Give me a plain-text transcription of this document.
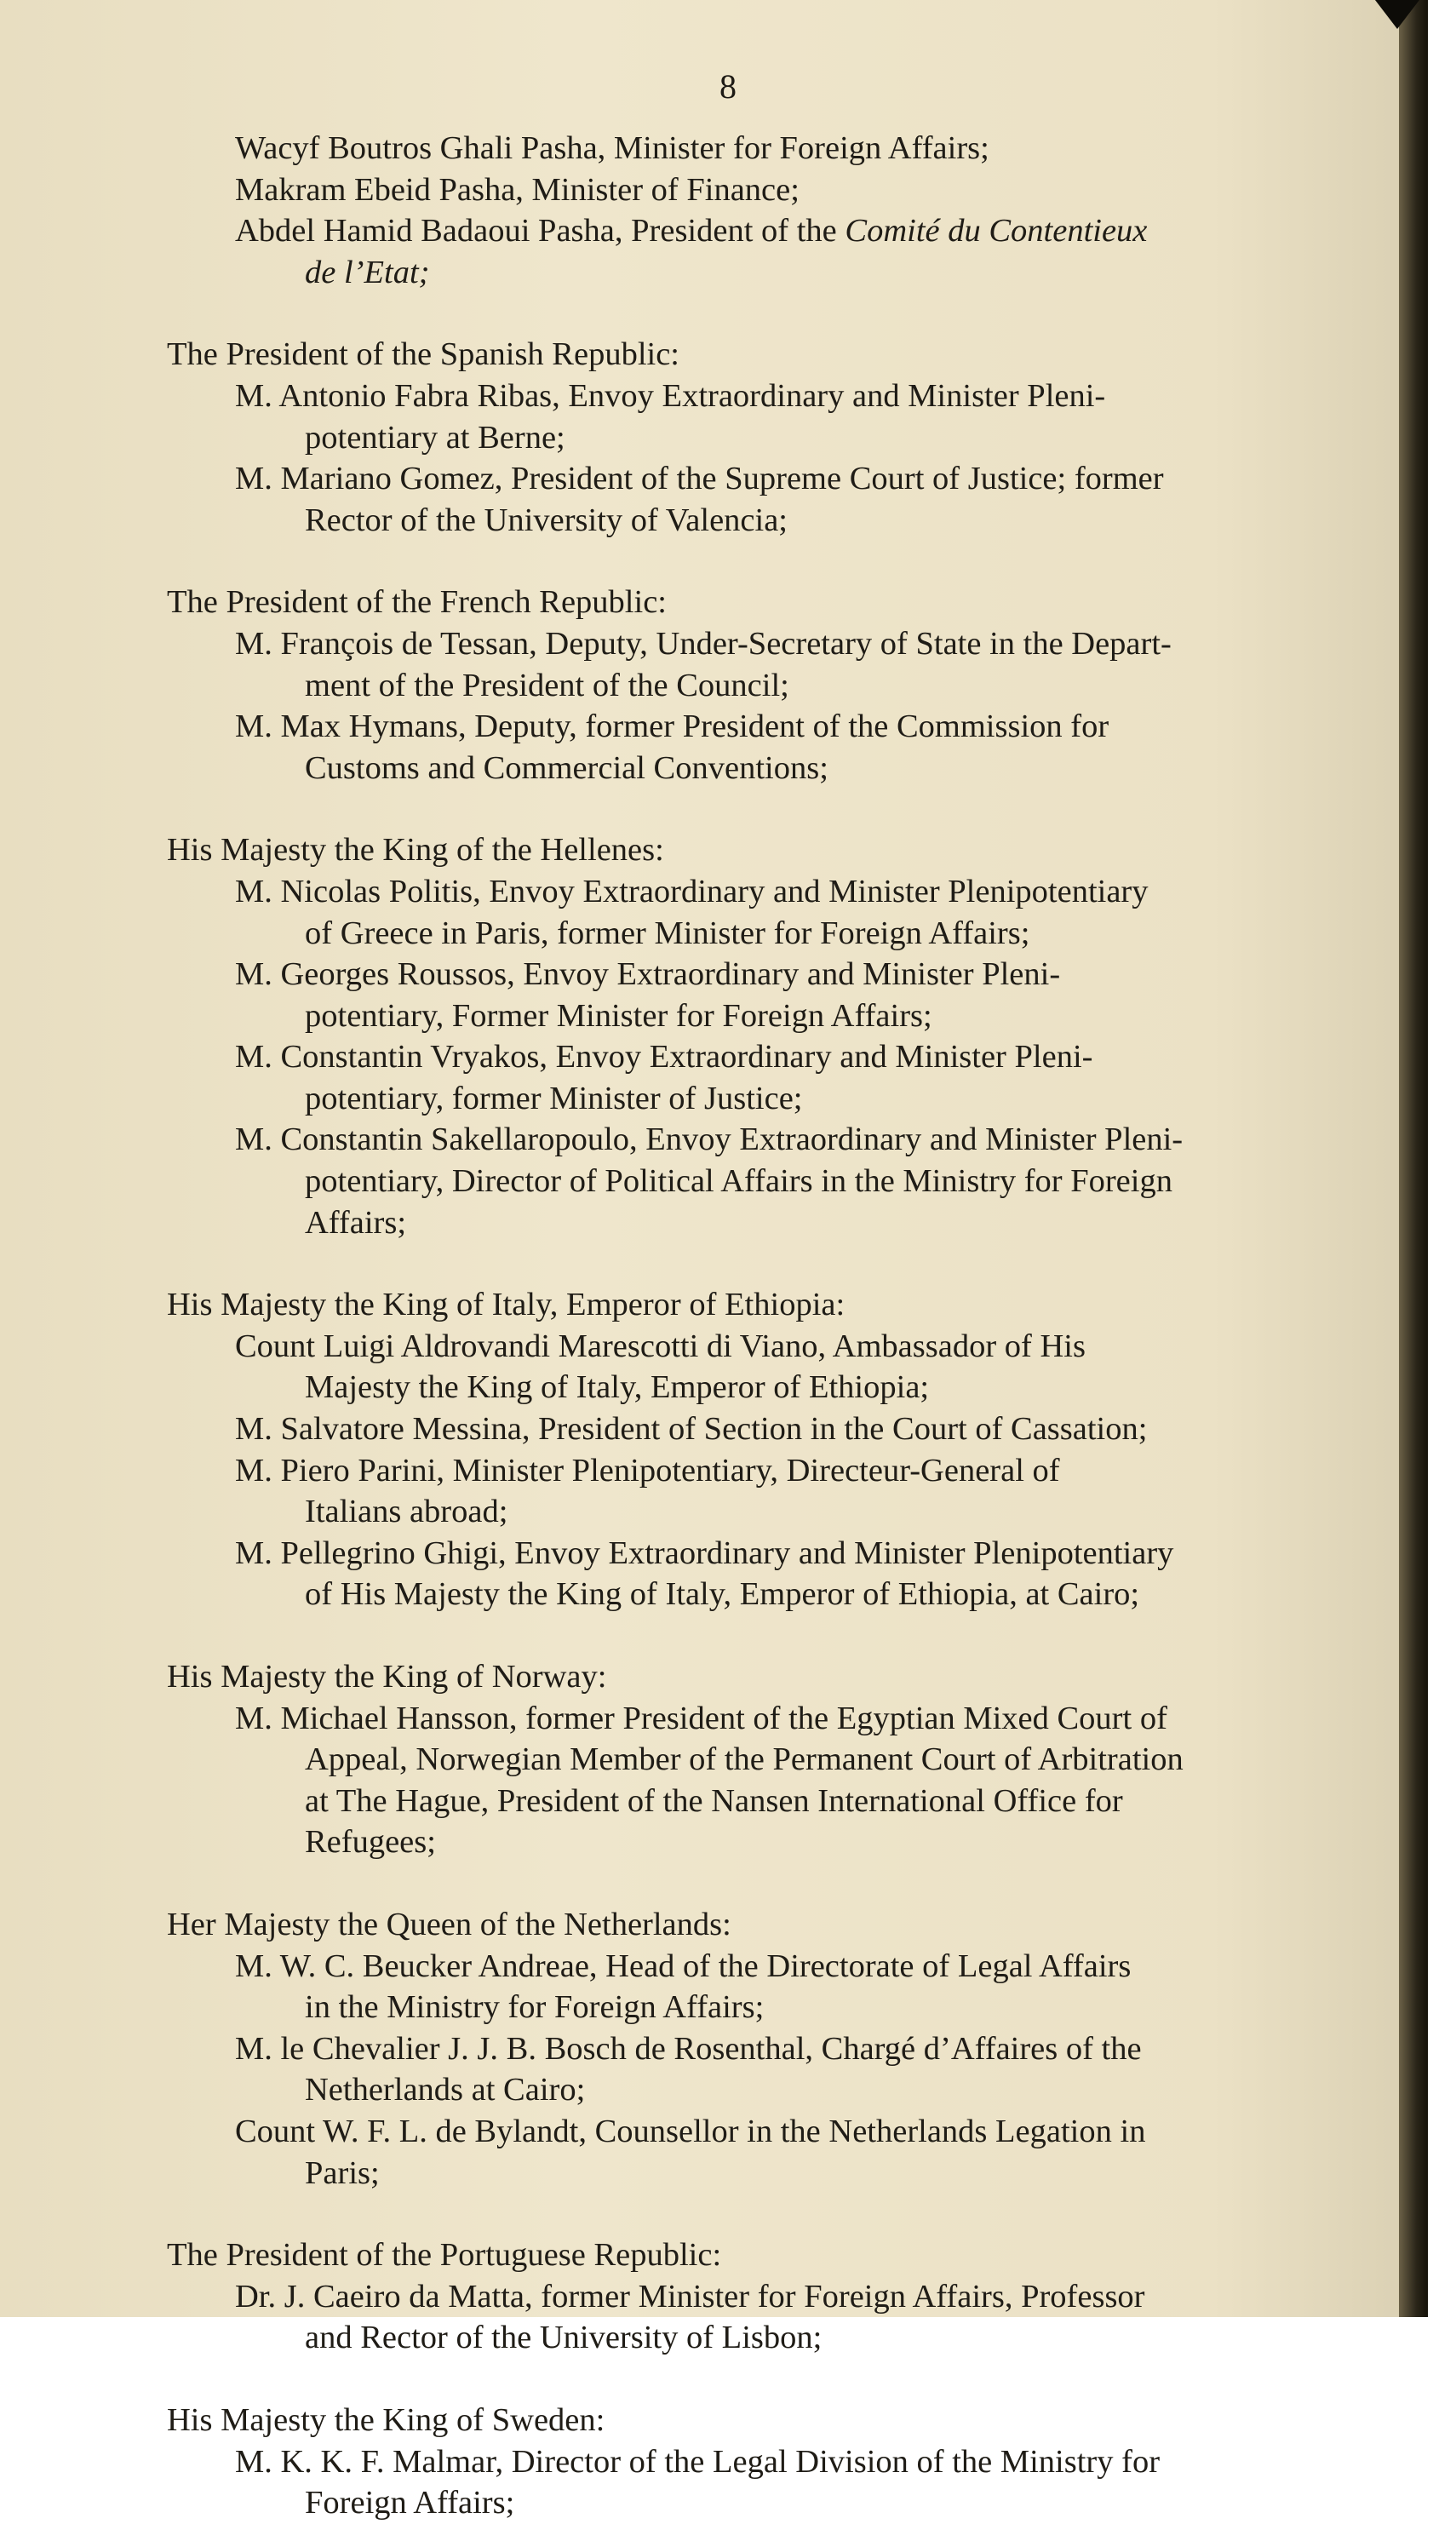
8
Wacyf Boutros Ghali Pasha, Minister for Foreign Affairs;
Makram Ebeid Pasha, Minister of Finance;
Abdel Hamid Badaoui Pasha, President of the Comité du Contentieux
de l’Etat;
The President of the Spanish Republic:
M. Antonio Fabra Ribas, Envoy Extraordinary and Minister Pleni-
potentiary at Berne;
M. Mariano Gomez, President of the Supreme Court of Justice; former
Rector of the University of Valencia;
The President of the French Republic:
M. François de Tessan, Deputy, Under-Secretary of State in the Depart-
ment of the President of the Council;
M. Max Hymans, Deputy, former President of the Commission for
Customs and Commercial Conventions;
His Majesty the King of the Hellenes:
M. Nicolas Politis, Envoy Extraordinary and Minister Plenipotentiary
of Greece in Paris, former Minister for Foreign Affairs;
M. Georges Roussos, Envoy Extraordinary and Minister Pleni-
potentiary, Former Minister for Foreign Affairs;
M. Constantin Vryakos, Envoy Extraordinary and Minister Pleni-
potentiary, former Minister of Justice;
M. Constantin Sakellaropoulo, Envoy Extraordinary and Minister Pleni-
potentiary, Director of Political Affairs in the Ministry for Foreign
Affairs;
His Majesty the King of Italy, Emperor of Ethiopia:
Count Luigi Aldrovandi Marescotti di Viano, Ambassador of His
Majesty the King of Italy, Emperor of Ethiopia;
M. Salvatore Messina, President of Section in the Court of Cassation;
M. Piero Parini, Minister Plenipotentiary, Directeur-General of
Italians abroad;
M. Pellegrino Ghigi, Envoy Extraordinary and Minister Plenipotentiary
of His Majesty the King of Italy, Emperor of Ethiopia, at Cairo;
His Majesty the King of Norway:
M. Michael Hansson, former President of the Egyptian Mixed Court of
Appeal, Norwegian Member of the Permanent Court of Arbitration
at The Hague, President of the Nansen International Office for
Refugees;
Her Majesty the Queen of the Netherlands:
M. W. C. Beucker Andreae, Head of the Directorate of Legal Affairs
in the Ministry for Foreign Affairs;
M. le Chevalier J. J. B. Bosch de Rosenthal, Chargé d’Affaires of the
Netherlands at Cairo;
Count W. F. L. de Bylandt, Counsellor in the Netherlands Legation in
Paris;
The President of the Portuguese Republic:
Dr. J. Caeiro da Matta, former Minister for Foreign Affairs, Professor
and Rector of the University of Lisbon;
His Majesty the King of Sweden:
M. K. K. F. Malmar, Director of the Legal Division of the Ministry for
Foreign Affairs;
